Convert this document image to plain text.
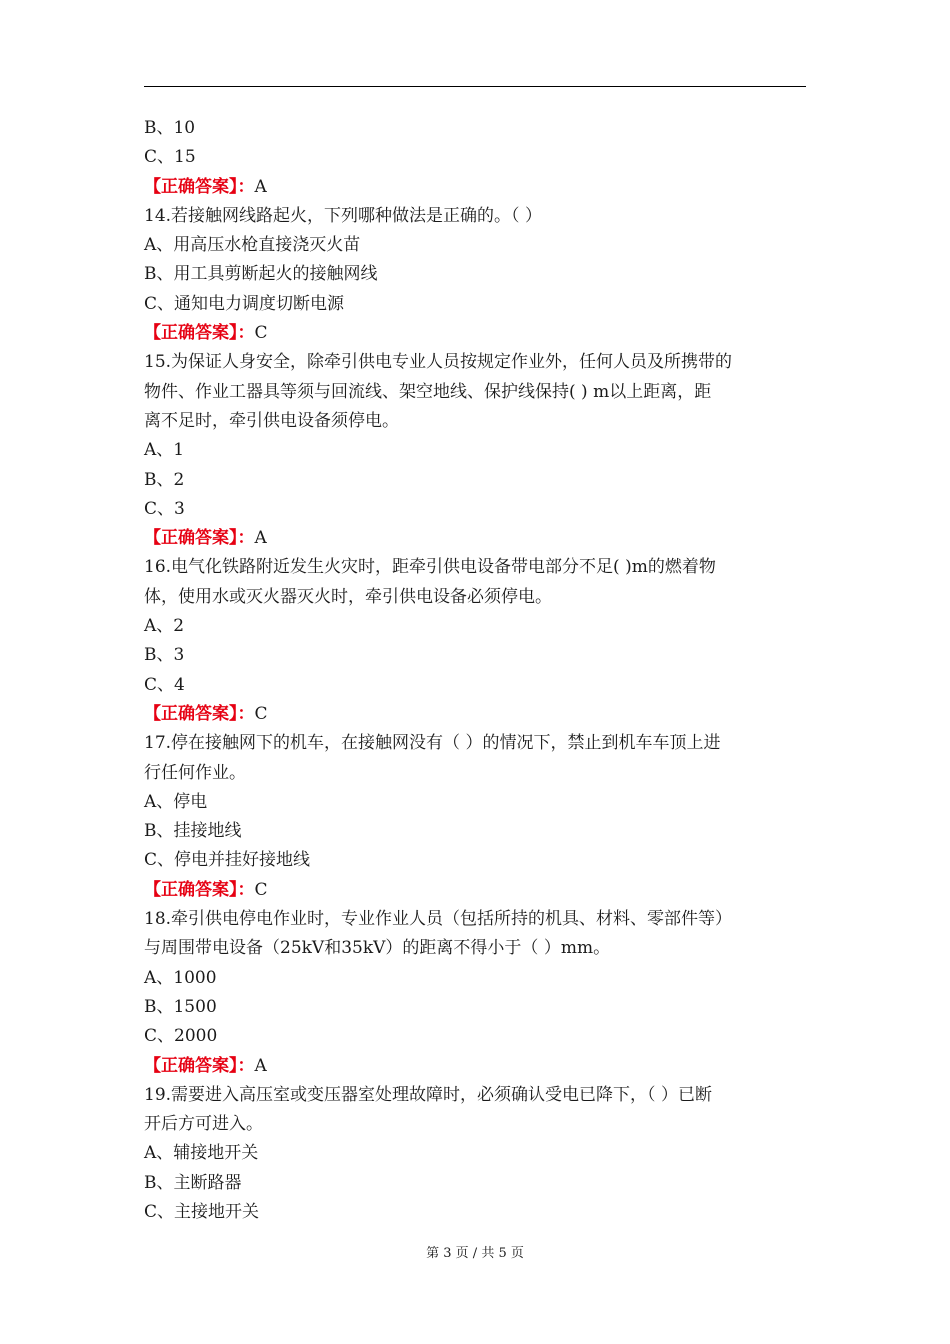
B、10
C、15
【正确答案】：A
14.若接触网线路起火，下列哪种做法是正确的。（ ）
A、用高压水枪直接浇灭火苗
B、用工具剪断起火的接触网线
C、通知电力调度切断电源
【正确答案】：C
15.为保证人身安全，除牵引供电专业人员按规定作业外，任何人员及所携带的
物件、作业工器具等须与回流线、架空地线、保护线保持( ) m以上距离，距
离不足时，牵引供电设备须停电。
A、1
B、2
C、3
【正确答案】：A
16.电气化铁路附近发生火灾时，距牵引供电设备带电部分不足( )m的燃着物
体，使用水或灭火器灭火时，牵引供电设备必须停电。
A、2
B、3
C、4
【正确答案】：C
17.停在接触网下的机车，在接触网没有（ ）的情况下，禁止到机车车顶上进
行任何作业。
A、停电
B、挂接地线
C、停电并挂好接地线
【正确答案】：C
18.牵引供电停电作业时，专业作业人员（包括所持的机具、材料、零部件等）
与周围带电设备（25kV和35kV）的距离不得小于（ ）mm。
A、1000
B、1500
C、2000
【正确答案】：A
19.需要进入高压室或变压器室处理故障时，必须确认受电已降下，（ ）已断
开后方可进入。
A、辅接地开关
B、主断路器
C、主接地开关
第 3 页 / 共 5 页
